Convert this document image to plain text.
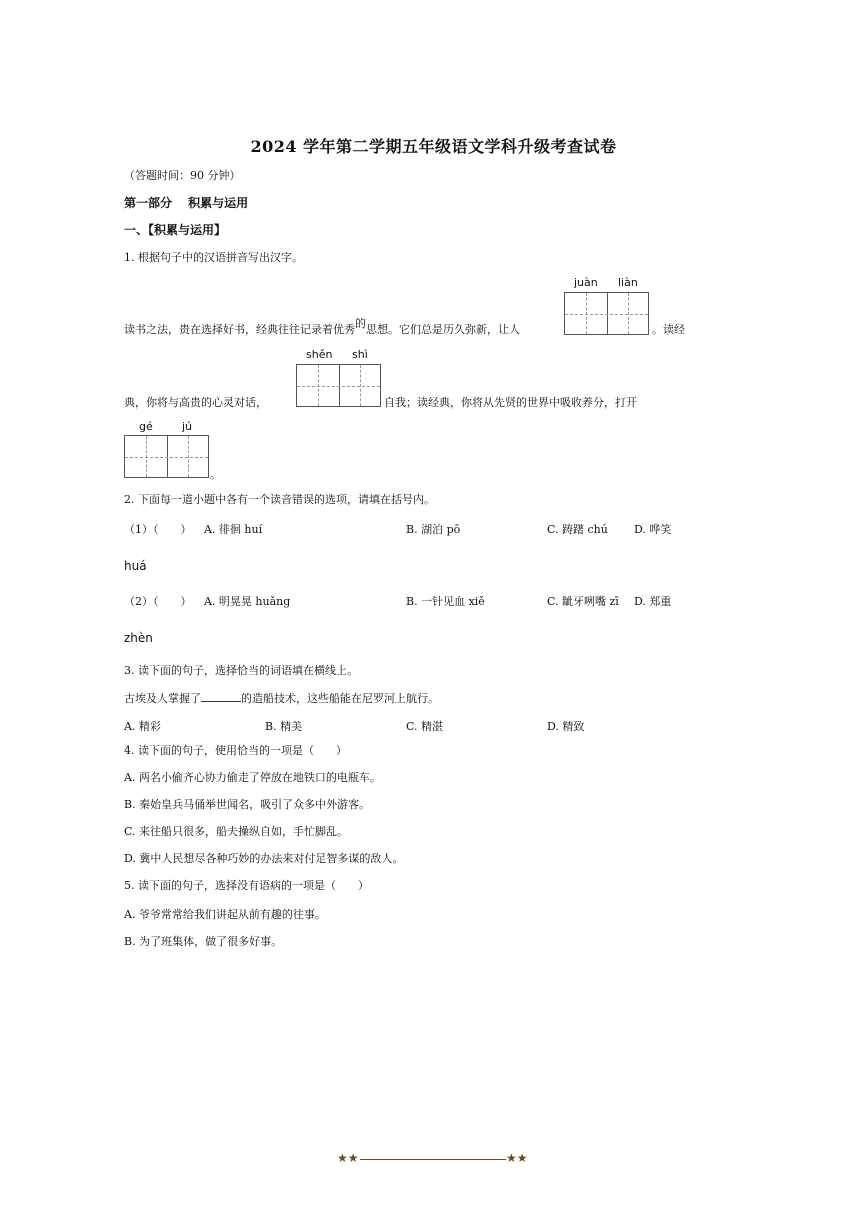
2024 学年第二学期五年级语文学科升级考查试卷
（答题时间：90 分钟）
第一部分　 积累与运用
一、【积累与运用】
1. 根据句子中的汉语拼音写出汉字。
juàn liàn
读书之法，贵在选择好书，经典往往记录着优秀的思想。它们总是历久弥新，让人	。读经
shěn shì
典，你将与高贵的心灵对话，	自我；读经典，你将从先贤的世界中吸收养分，打开
gé	jú
。
2. 下面每一道小题中各有一个读音错误的选项，请填在括号内。
（1）（　　） A. 徘徊 huí	B. 湖泊 pō	C. 踌躇 chú D. 哗笑
huá
（2）（　　） A. 明晃晃 huǎng	B. 一针见血 xiě	C. 龇牙咧嘴 zī D. 郑重
zhèn
3. 读下面的句子，选择恰当的词语填在横线上。
古埃及人掌握了	的造船技术，这些船能在尼罗河上航行。
A. 精彩	B. 精美	C. 精湛	D. 精致
4. 读下面的句子，使用恰当的一项是（　　）
A. 两名小偷齐心协力偷走了停放在地铁口的电瓶车。
B. 秦始皇兵马俑举世闻名，吸引了众多中外游客。
C. 来往船只很多，船夫操纵自如，手忙脚乱。
D. 冀中人民想尽各种巧妙的办法来对付足智多谋的敌人。
5. 读下面的句子，选择没有语病的一项是（　　）
A. 爷爷常常给我们讲起从前有趣的往事。
B. 为了班集体，做了很多好事。
★★	★★
